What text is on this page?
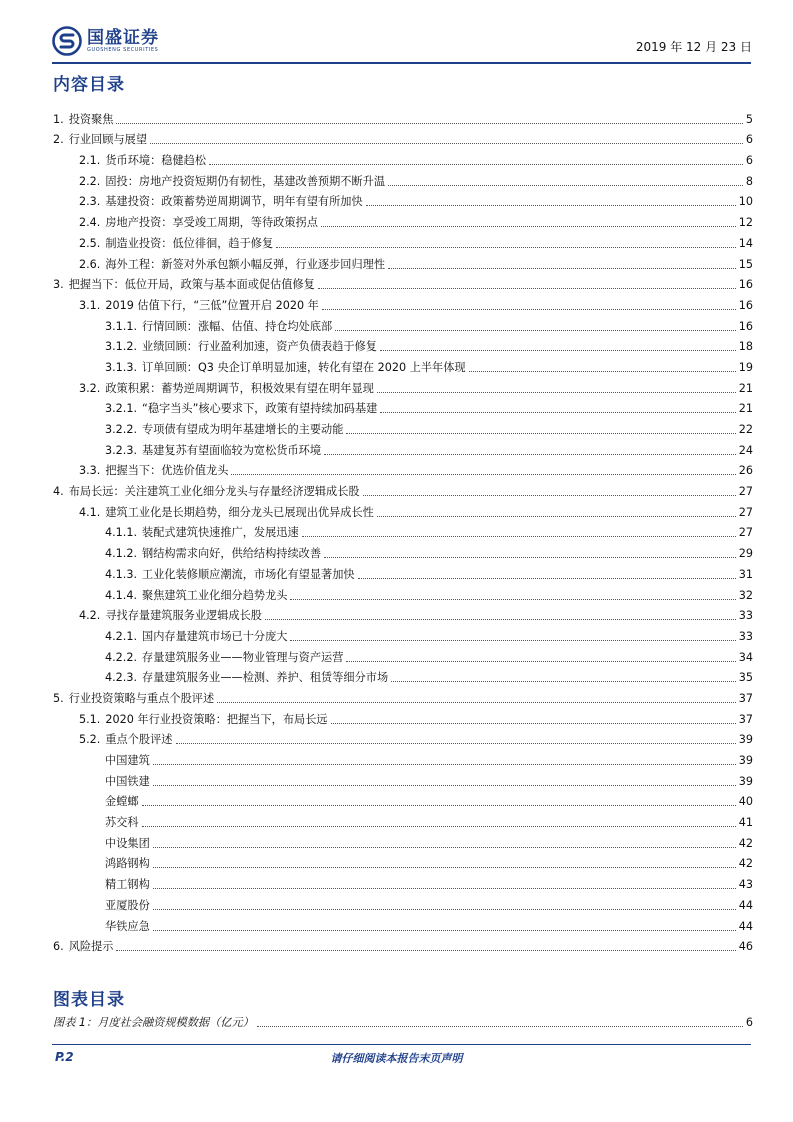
国盛证券
GUOSHENG SECURITIES	2019 年 12 月 23 日
内容目录
1. 投资聚焦	5
2. 行业回顾与展望	6
2.1. 货币环境：稳健趋松	6
2.2. 固投：房地产投资短期仍有韧性，基建改善预期不断升温	8
2.3. 基建投资：政策蓄势逆周期调节，明年有望有所加快	10
2.4. 房地产投资：享受竣工周期，等待政策拐点	12
2.5. 制造业投资：低位徘徊，趋于修复	14
2.6. 海外工程：新签对外承包额小幅反弹，行业逐步回归理性	15
3. 把握当下：低位开局，政策与基本面或促估值修复	16
3.1. 2019 估值下行，“三低”位置开启 2020 年	16
3.1.1. 行情回顾：涨幅、估值、持仓均处底部	16
3.1.2. 业绩回顾：行业盈利加速，资产负债表趋于修复	18
3.1.3. 订单回顾：Q3 央企订单明显加速，转化有望在 2020 上半年体现	19
3.2. 政策积累：蓄势逆周期调节，积极效果有望在明年显现	21
3.2.1. “稳字当头”核心要求下，政策有望持续加码基建	21
3.2.2. 专项债有望成为明年基建增长的主要动能	22
3.2.3. 基建复苏有望面临较为宽松货币环境	24
3.3. 把握当下：优选价值龙头	26
4. 布局长远：关注建筑工业化细分龙头与存量经济逻辑成长股	27
4.1. 建筑工业化是长期趋势，细分龙头已展现出优异成长性	27
4.1.1. 装配式建筑快速推广，发展迅速	27
4.1.2. 钢结构需求向好，供给结构持续改善	29
4.1.3. 工业化装修顺应潮流，市场化有望显著加快	31
4.1.4. 聚焦建筑工业化细分趋势龙头	32
4.2. 寻找存量建筑服务业逻辑成长股	33
4.2.1. 国内存量建筑市场已十分庞大	33
4.2.2. 存量建筑服务业——物业管理与资产运营	34
4.2.3. 存量建筑服务业——检测、养护、租赁等细分市场	35
5. 行业投资策略与重点个股评述	37
5.1. 2020 年行业投资策略：把握当下，布局长远	37
5.2. 重点个股评述	39
中国建筑	39
中国铁建	39
金螳螂	40
苏交科	41
中设集团	42
鸿路钢构	42
精工钢构	43
亚厦股份	44
华铁应急	44
6. 风险提示	46
图表目录
图表 1：月度社会融资规模数据（亿元）	6
P.2	请仔细阅读本报告末页声明
